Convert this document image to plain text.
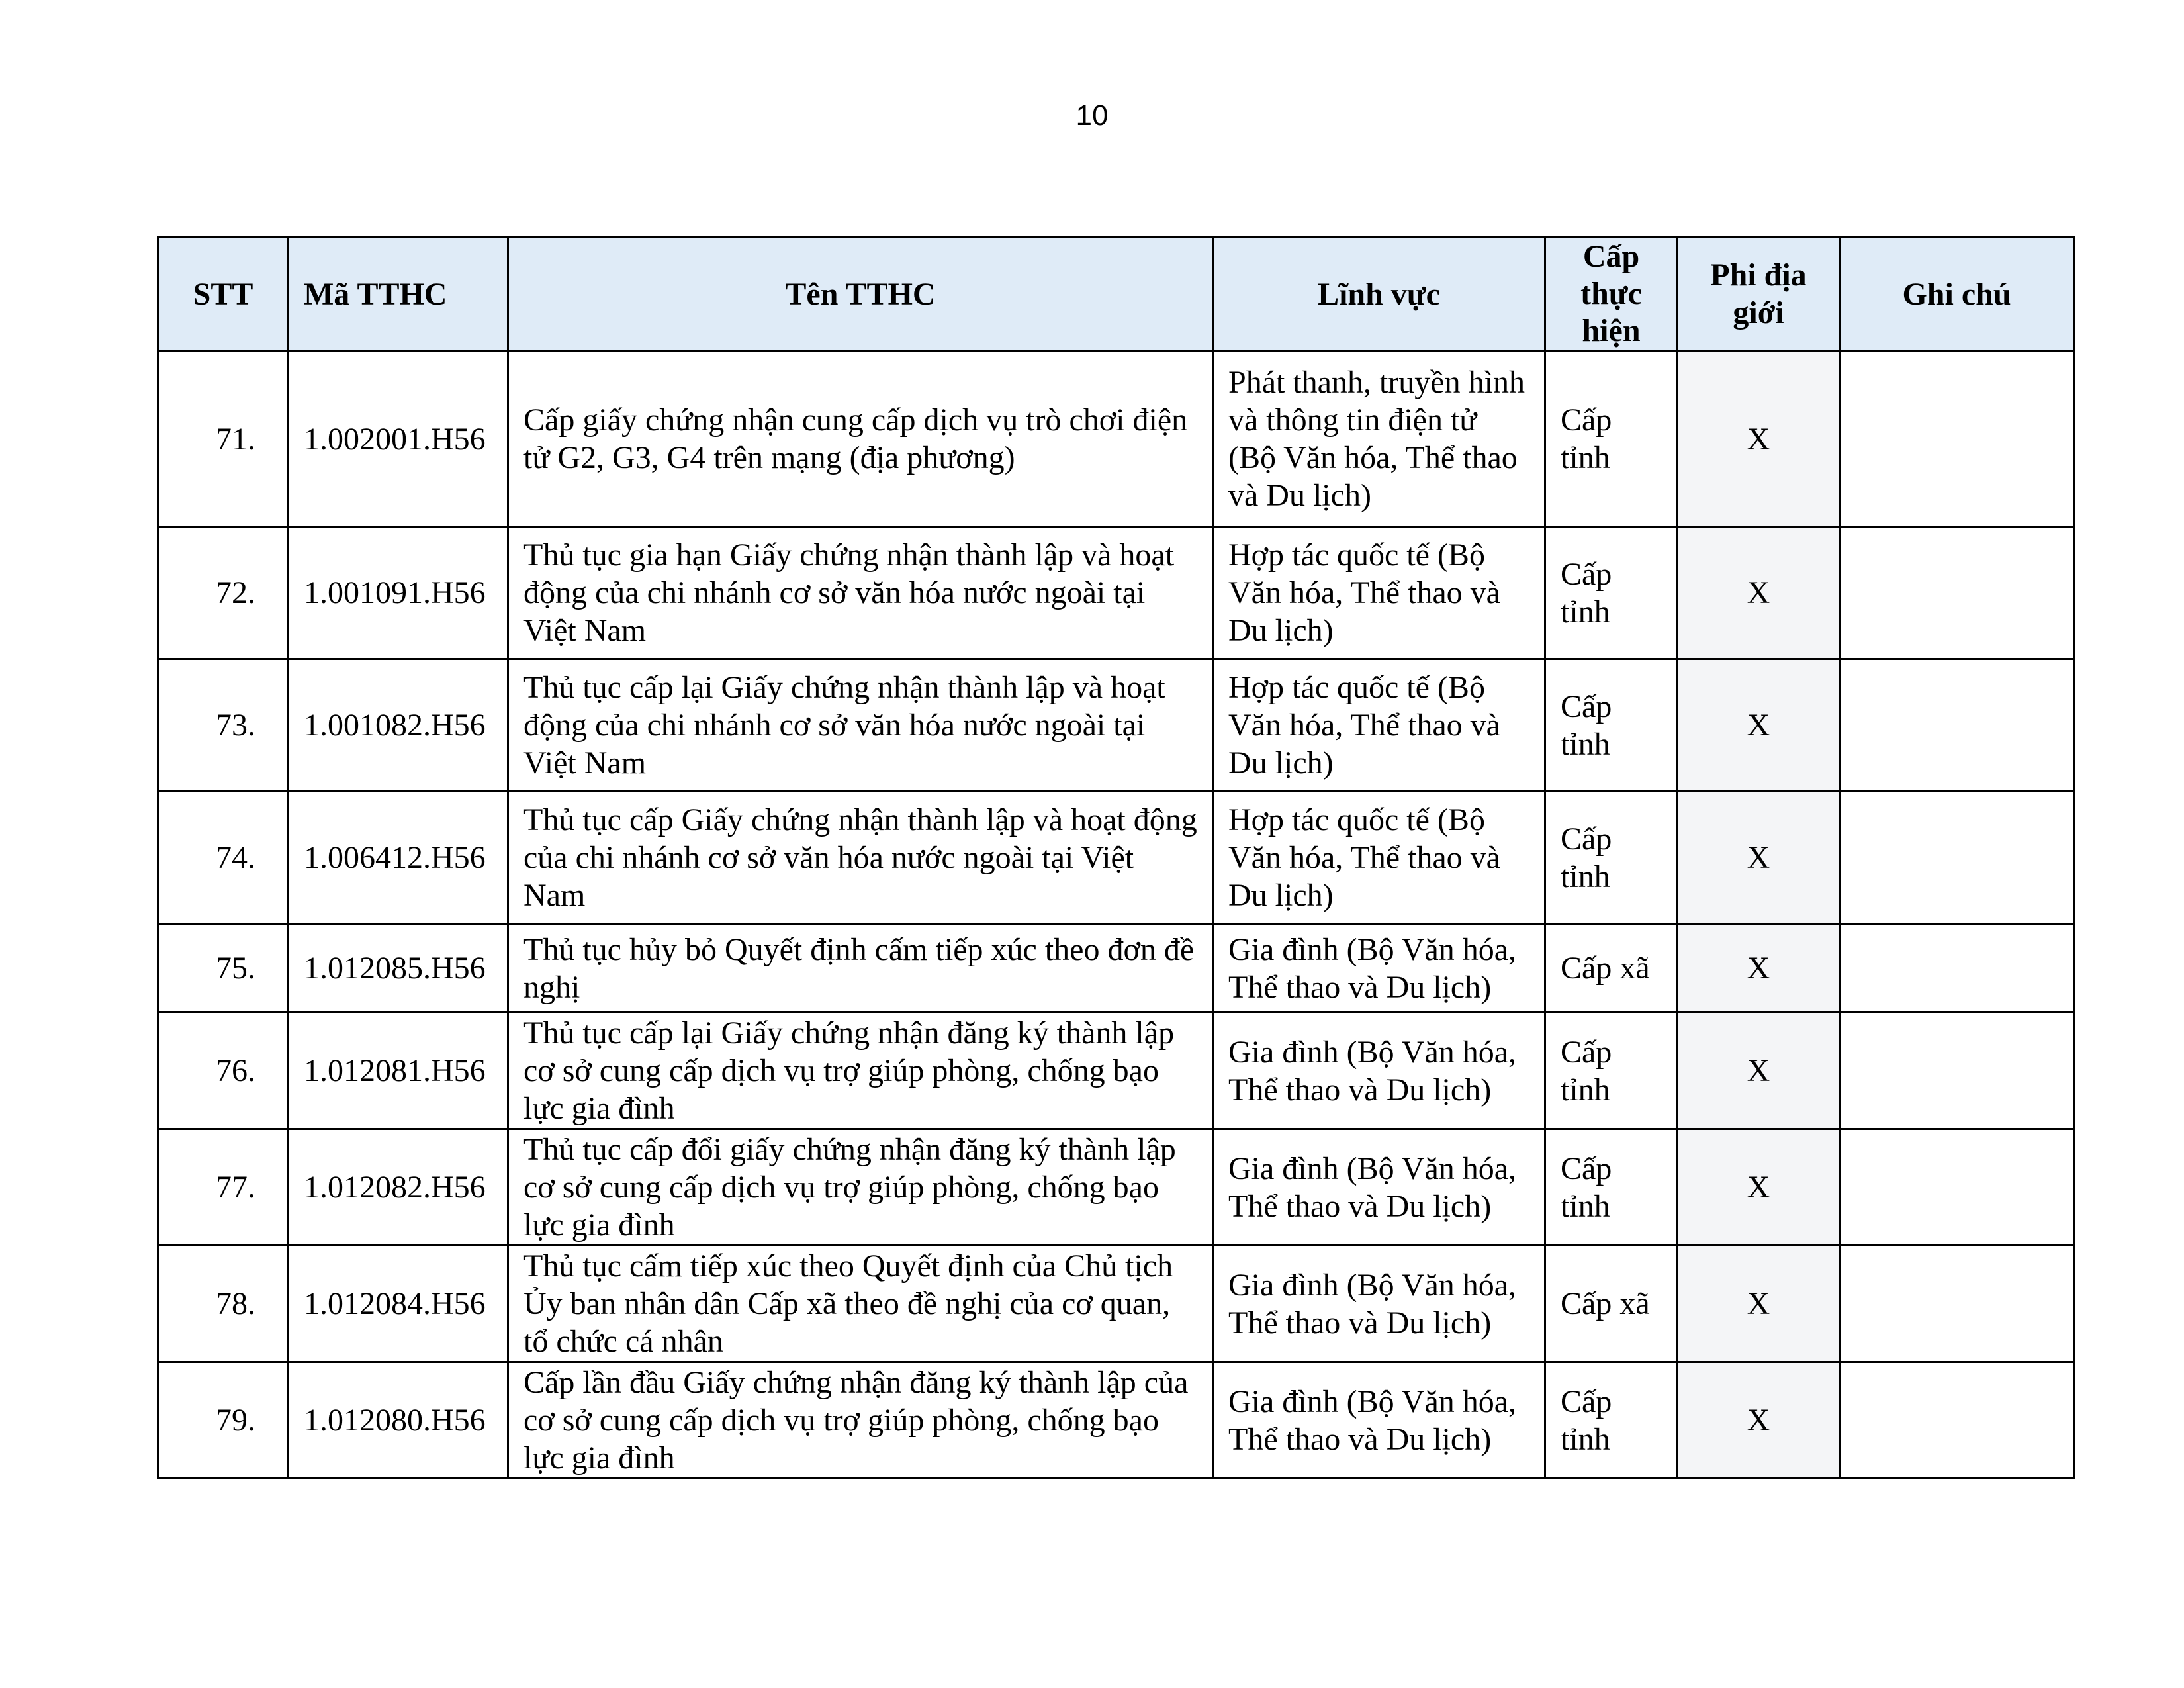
10
STT	Mã TTHC	Tên TTHC	Lĩnh vực	Cấp thực hiện	Phi địa giới	Ghi chú
71.	1.002001.H56	Cấp giấy chứng nhận cung cấp dịch vụ trò chơi điện tử G2, G3, G4 trên mạng (địa phương)	Phát thanh, truyền hình và thông tin điện tử (Bộ Văn hóa, Thể thao và Du lịch)	Cấp tỉnh	X	
72.	1.001091.H56	Thủ tục gia hạn Giấy chứng nhận thành lập và hoạt động của chi nhánh cơ sở văn hóa nước ngoài tại Việt Nam	Hợp tác quốc tế (Bộ Văn hóa, Thể thao và Du lịch)	Cấp tỉnh	X	
73.	1.001082.H56	Thủ tục cấp lại Giấy chứng nhận thành lập và hoạt động của chi nhánh cơ sở văn hóa nước ngoài tại Việt Nam	Hợp tác quốc tế (Bộ Văn hóa, Thể thao và Du lịch)	Cấp tỉnh	X	
74.	1.006412.H56	Thủ tục cấp Giấy chứng nhận thành lập và hoạt động của chi nhánh cơ sở văn hóa nước ngoài tại Việt Nam	Hợp tác quốc tế (Bộ Văn hóa, Thể thao và Du lịch)	Cấp tỉnh	X	
75.	1.012085.H56	Thủ tục hủy bỏ Quyết định cấm tiếp xúc theo đơn đề nghị	Gia đình (Bộ Văn hóa, Thể thao và Du lịch)	Cấp xã	X	
76.	1.012081.H56	Thủ tục cấp lại Giấy chứng nhận đăng ký thành lập cơ sở cung cấp dịch vụ trợ giúp phòng, chống bạo lực gia đình	Gia đình (Bộ Văn hóa, Thể thao và Du lịch)	Cấp tỉnh	X	
77.	1.012082.H56	Thủ tục cấp đổi giấy chứng nhận đăng ký thành lập cơ sở cung cấp dịch vụ trợ giúp phòng, chống bạo lực gia đình	Gia đình (Bộ Văn hóa, Thể thao và Du lịch)	Cấp tỉnh	X	
78.	1.012084.H56	Thủ tục cấm tiếp xúc theo Quyết định của Chủ tịch Ủy ban nhân dân Cấp xã theo đề nghị của cơ quan, tổ chức cá nhân	Gia đình (Bộ Văn hóa, Thể thao và Du lịch)	Cấp xã	X	
79.	1.012080.H56	Cấp lần đầu Giấy chứng nhận đăng ký thành lập của cơ sở cung cấp dịch vụ trợ giúp phòng, chống bạo lực gia đình	Gia đình (Bộ Văn hóa, Thể thao và Du lịch)	Cấp tỉnh	X	
